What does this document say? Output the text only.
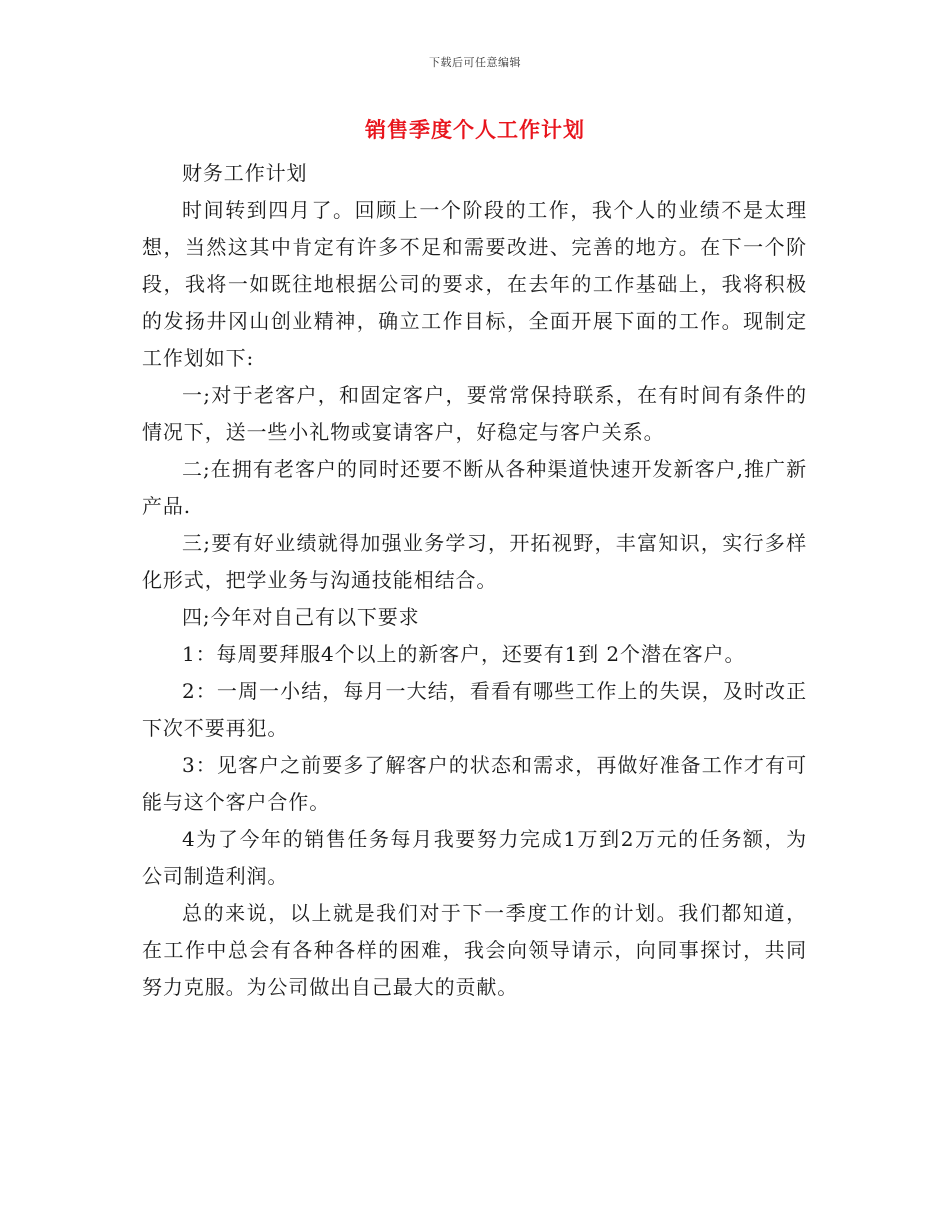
下载后可任意编辑
销售季度个人工作计划

财务工作计划

时间转到四月了。回顾上一个阶段的工作，我个人的业绩不是太理想，当然这其中肯定有许多不足和需要改进、完善的地方。在下一个阶段，我将一如既往地根据公司的要求，在去年的工作基础上，我将积极的发扬井冈山创业精神，确立工作目标，全面开展下面的工作。现制定工作划如下:

一;对于老客户，和固定客户，要常常保持联系，在有时间有条件的情况下，送一些小礼物或宴请客户，好稳定与客户关系。

二;在拥有老客户的同时还要不断从各种渠道快速开发新客户,推广新产品.

三;要有好业绩就得加强业务学习，开拓视野，丰富知识，实行多样化形式，把学业务与沟通技能相结合。

四;今年对自己有以下要求

1：每周要拜服4个以上的新客户，还要有1到 2个潜在客户。

2：一周一小结，每月一大结，看看有哪些工作上的失误，及时改正下次不要再犯。

3：见客户之前要多了解客户的状态和需求，再做好准备工作才有可能与这个客户合作。

4为了今年的销售任务每月我要努力完成1万到2万元的任务额，为公司制造利润。

总的来说，以上就是我们对于下一季度工作的计划。我们都知道，在工作中总会有各种各样的困难，我会向领导请示，向同事探讨，共同努力克服。为公司做出自己最大的贡献。
